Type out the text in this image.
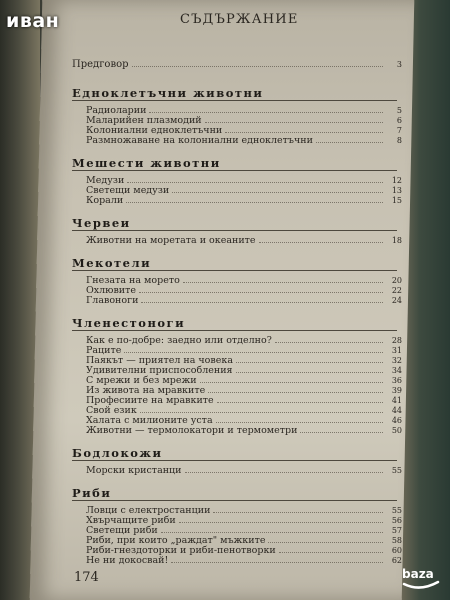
иван	СЪДЪРЖАНИЕ
Предговор	3
Едноклетъчни животни
Радиоларии	5
Маларийен плазмодий	6
Колониални едноклетъчни	7
Размножаване на колониални едноклетъчни	8
Мешести животни
Медузи	12
Светещи медузи	13
Корали	15
Червеи
Животни на моретата и океаните	18
Мекотели
Гнезата на морето	20
Охлювите	22
Главоноги	24
Членестоноги
Как е по-добре: заедно или отделно?	28
Раците	31
Паякът — приятел на човека	32
Удивителни приспособления	34
С мрежи и без мрежи	36
Из живота на мравките	39
Професиите на мравките	41
Свой език	44
Халата с милионите уста	46
Животни — термолокатори и термометри	50
Бодлокожи
Морски кристанци	55
Риби
Ловци с електростанции	55
Хвърчащите риби	56
Светещи риби	57
Риби, при които „раждат" мъжките	58
Риби-гнездоторки и риби-пенотворки	60
Не ни докосвай!	62
174	baza
